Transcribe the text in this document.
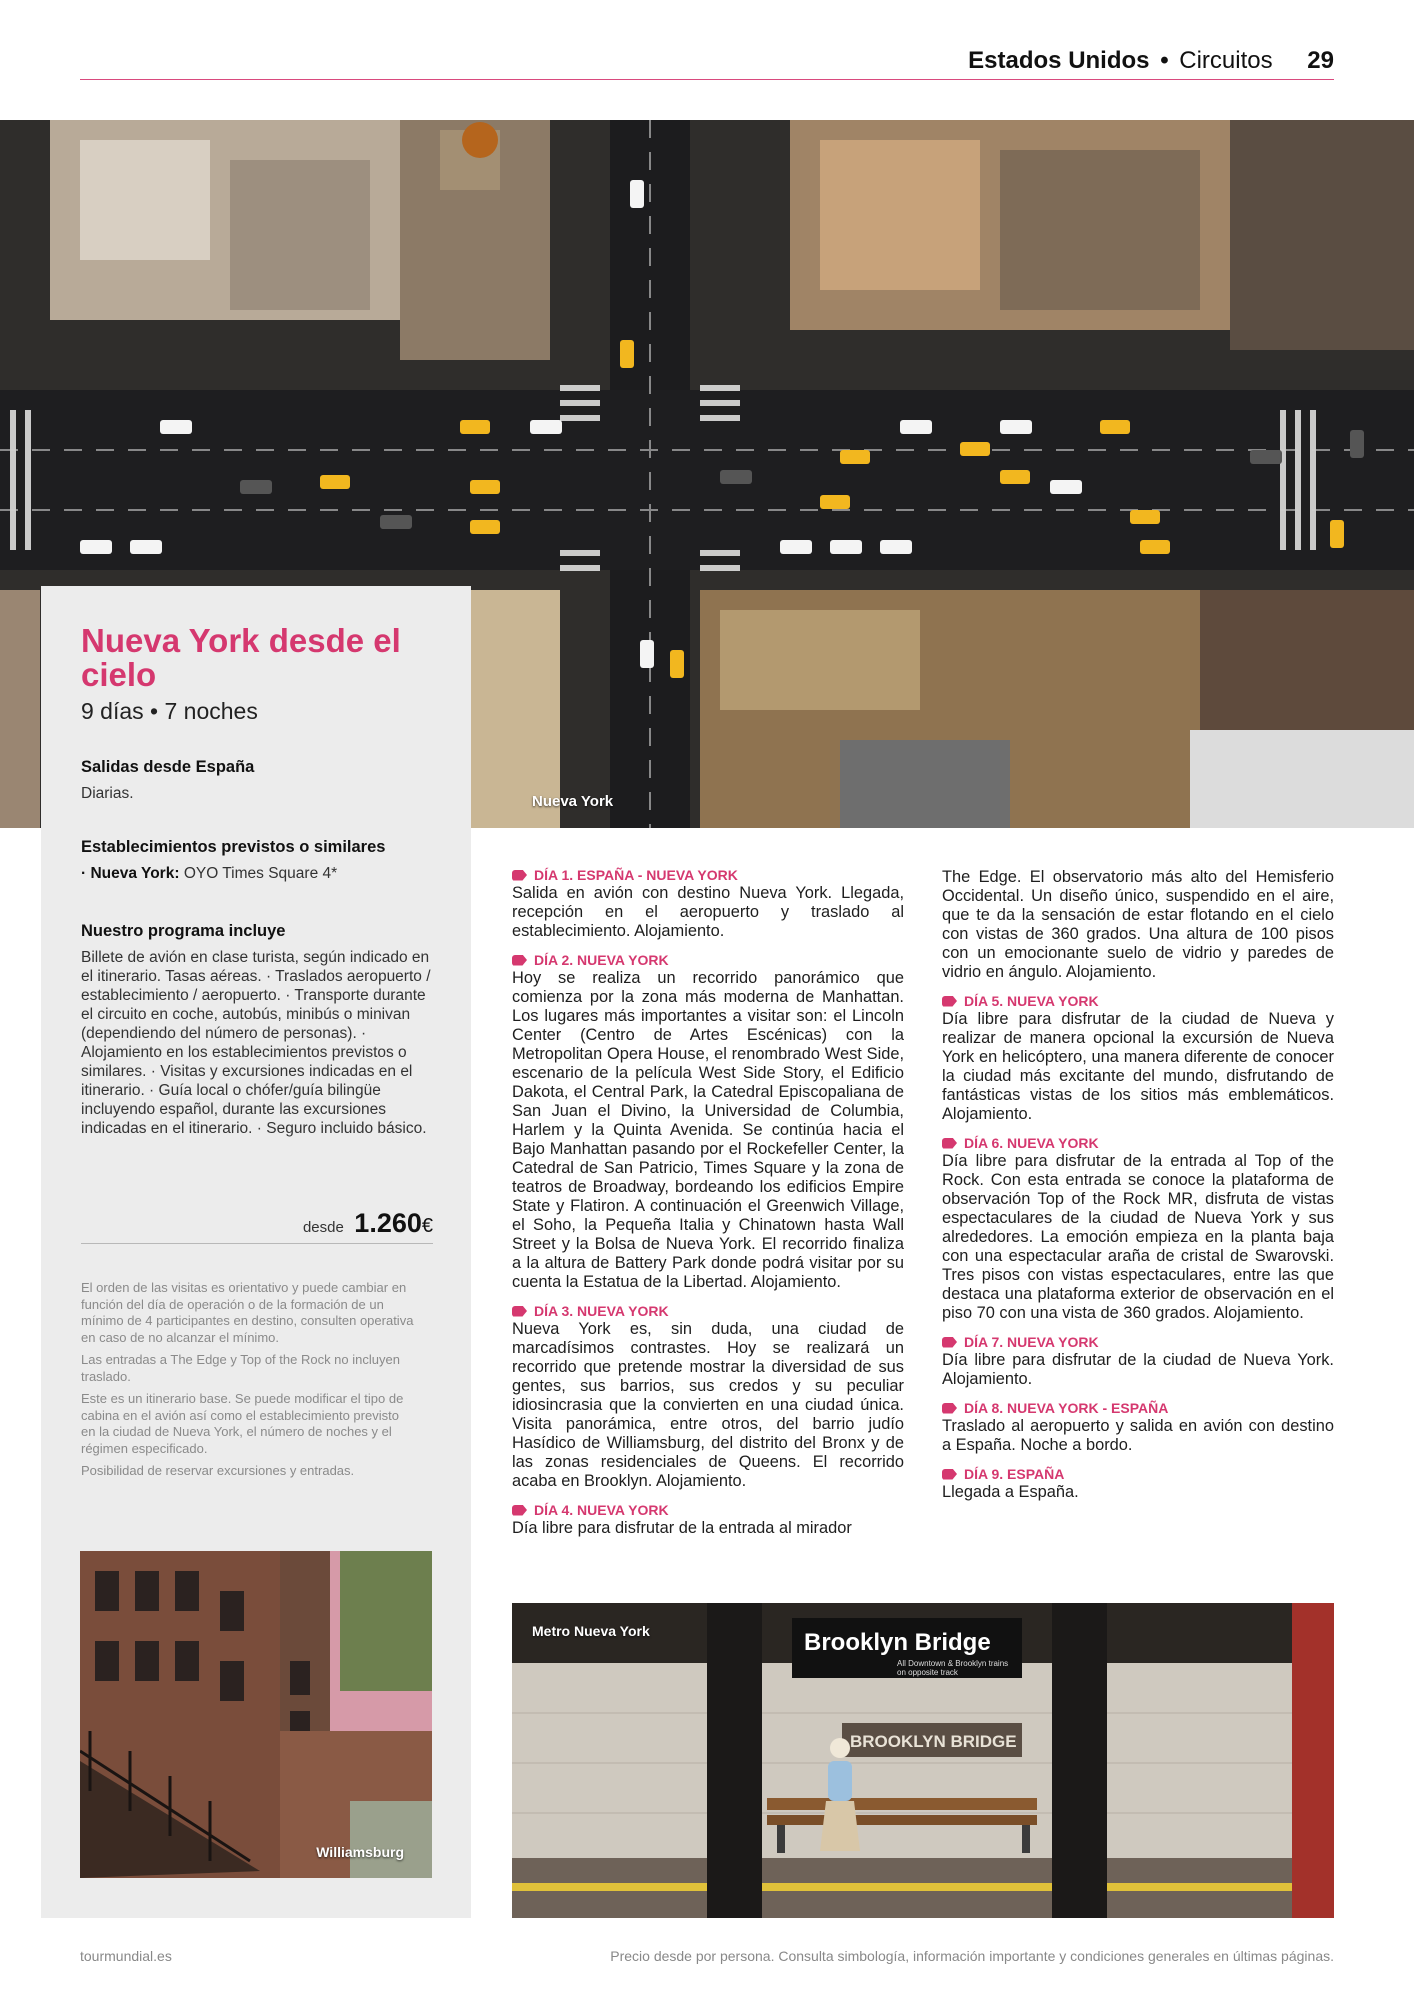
Estados Unidos • Circuitos 29
Nueva York
Nueva York desde el cielo
9 días • 7 noches
Salidas desde España
Diarias.
Establecimientos previstos o similares
· Nueva York: OYO Times Square 4*
Nuestro programa incluye
Billete de avión en clase turista, según indicado en el itinerario. Tasas aéreas. · Traslados aeropuerto / establecimiento / aeropuerto. · Transporte durante el circuito en coche, autobús, minibús o minivan (dependiendo del número de personas). · Alojamiento en los establecimientos previstos o similares. · Visitas y excursiones indicadas en el itinerario. · Guía local o chófer/guía bilingüe incluyendo español, durante las excursiones indicadas en el itinerario. · Seguro incluido básico.
desde 1.260€

El orden de las visitas es orientativo y puede cambiar en función del día de operación o de la formación de un mínimo de 4 participantes en destino, consulten operativa en caso de no alcanzar el mínimo.

Las entradas a The Edge y Top of the Rock no incluyen traslado.

Este es un itinerario base. Se puede modificar el tipo de cabina en el avión así como el establecimiento previsto en la ciudad de Nueva York, el número de noches y el régimen especificado.

Posibilidad de reservar excursiones y entradas.

Williamsburg
DÍA 1. ESPAÑA - NUEVA YORK
Salida en avión con destino Nueva York. Llegada, recepción en el aeropuerto y traslado al establecimiento. Alojamiento.
DÍA 2. NUEVA YORK
Hoy se realiza un recorrido panorámico que comienza por la zona más moderna de Manhattan. Los lugares más importantes a visitar son: el Lincoln Center (Centro de Artes Escénicas) con la Metropolitan Opera House, el renombrado West Side, escenario de la película West Side Story, el Edificio Dakota, el Central Park, la Catedral Episcopaliana de San Juan el Divino, la Universidad de Columbia, Harlem y la Quinta Avenida. Se continúa hacia el Bajo Manhattan pasando por el Rockefeller Center, la Catedral de San Patricio, Times Square y la zona de teatros de Broadway, bordeando los edificios Empire State y Flatiron. A continuación el Greenwich Village, el Soho, la Pequeña Italia y Chinatown hasta Wall Street y la Bolsa de Nueva York. El recorrido finaliza a la altura de Battery Park donde podrá visitar por su cuenta la Estatua de la Libertad. Alojamiento.
DÍA 3. NUEVA YORK
Nueva York es, sin duda, una ciudad de marcadísimos contrastes. Hoy se realizará un recorrido que pretende mostrar la diversidad de sus gentes, sus barrios, sus credos y su peculiar idiosincrasia que la convierten en una ciudad única. Visita panorámica, entre otros, del barrio judío Hasídico de Williamsburg, del distrito del Bronx y de las zonas residenciales de Queens. El recorrido acaba en Brooklyn. Alojamiento.
DÍA 4. NUEVA YORK
Día libre para disfrutar de la entrada al mirador
The Edge. El observatorio más alto del Hemisferio Occidental. Un diseño único, suspendido en el aire, que te da la sensación de estar flotando en el cielo con vistas de 360 grados. Una altura de 100 pisos con un emocionante suelo de vidrio y paredes de vidrio en ángulo. Alojamiento.
DÍA 5. NUEVA YORK
Día libre para disfrutar de la ciudad de Nueva y realizar de manera opcional la excursión de Nueva York en helicóptero, una manera diferente de conocer la ciudad más excitante del mundo, disfrutando de fantásticas vistas de los sitios más emblemáticos. Alojamiento.
DÍA 6. NUEVA YORK
Día libre para disfrutar de la entrada al Top of the Rock. Con esta entrada se conoce la plataforma de observación Top of the Rock MR, disfruta de vistas espectaculares de la ciudad de Nueva York y sus alrededores. La emoción empieza en la planta baja con una espectacular araña de cristal de Swarovski. Tres pisos con vistas espectaculares, entre las que destaca una plataforma exterior de observación en el piso 70 con una vista de 360 grados. Alojamiento.
DÍA 7. NUEVA YORK
Día libre para disfrutar de la ciudad de Nueva York. Alojamiento.
DÍA 8. NUEVA YORK - ESPAÑA
Traslado al aeropuerto y salida en avión con destino a España. Noche a bordo.
DÍA 9. ESPAÑA
Llegada a España.
Brooklyn Bridge
All Downtown & Brooklyn trains
on opposite track
BROOKLYN BRIDGE
Metro Nueva York
tourmundial.es	Precio desde por persona. Consulta simbología, información importante y condiciones generales en últimas páginas.
